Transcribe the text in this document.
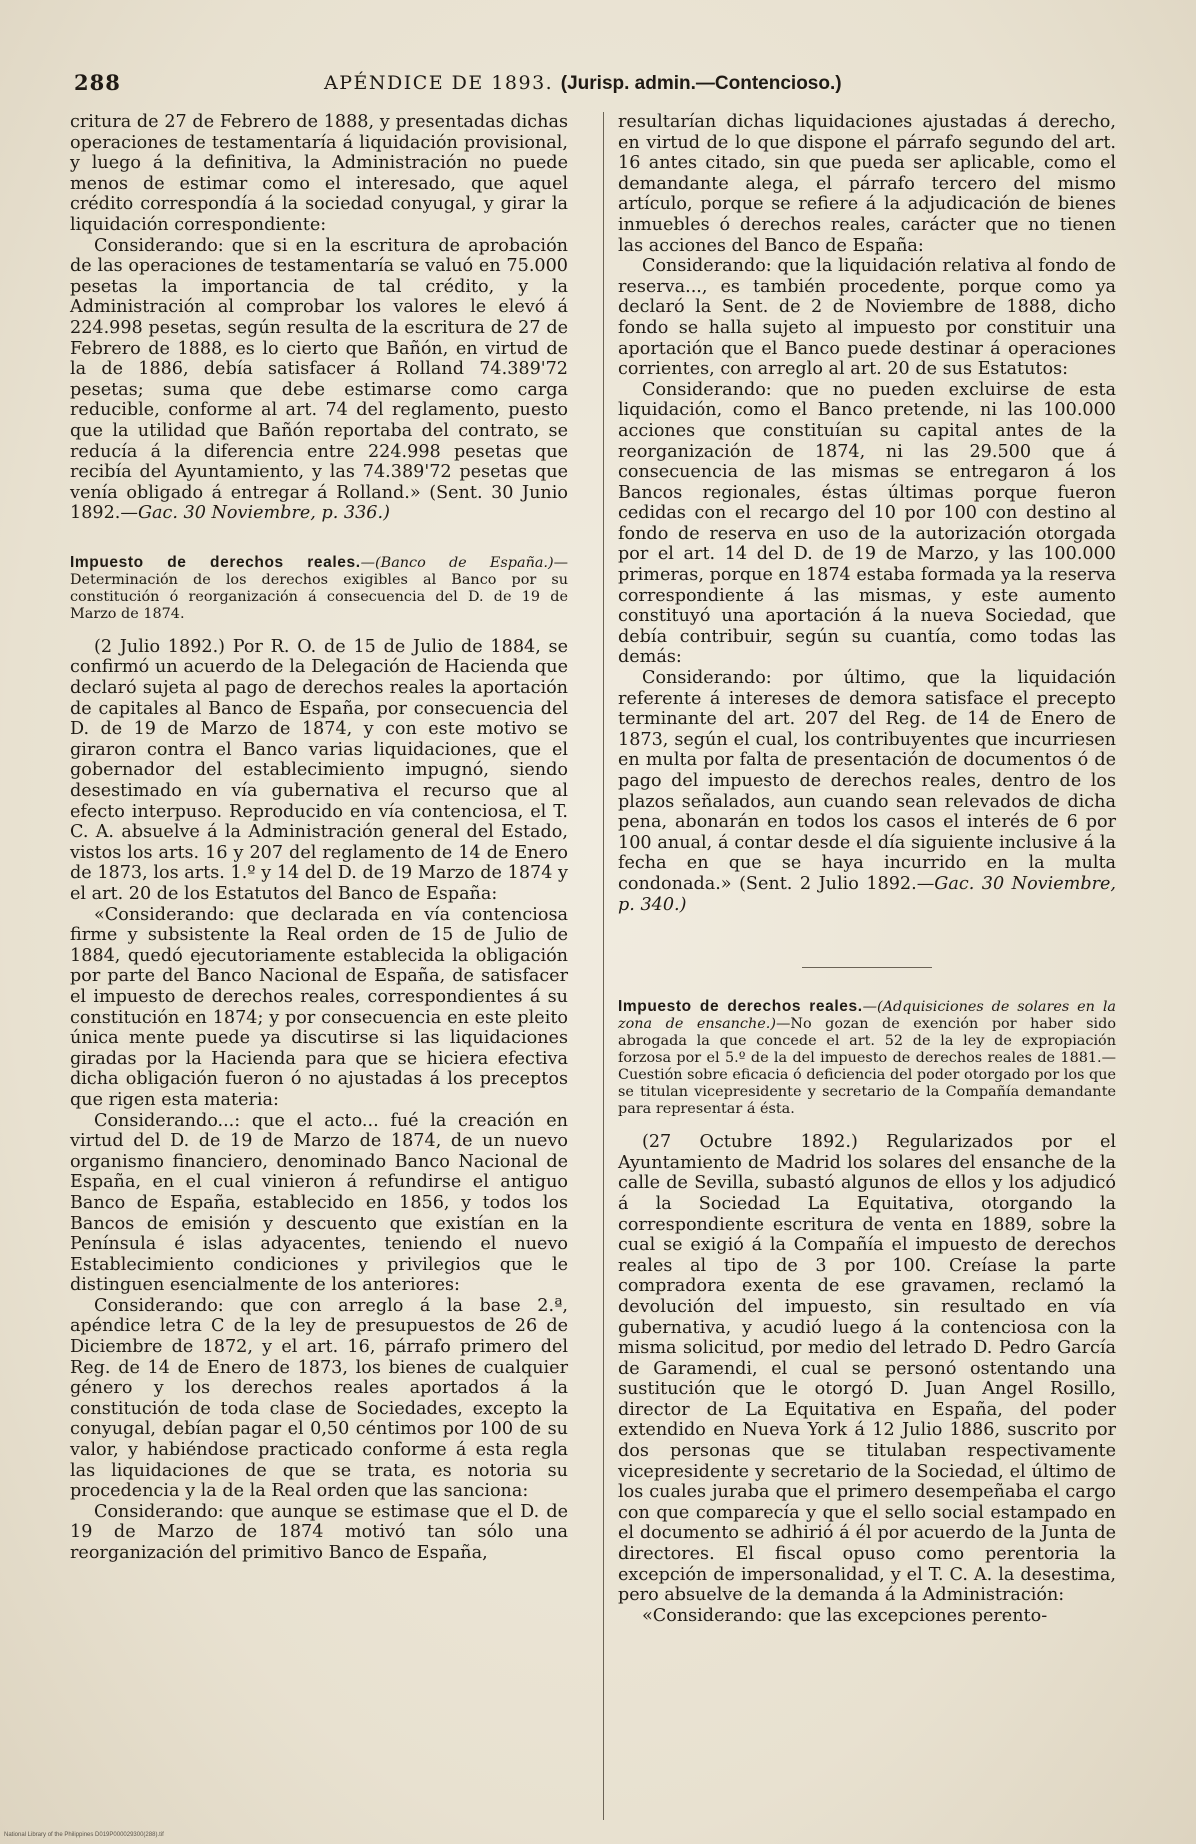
288	APÉNDICE DE 1893. (Jurisp. admin.—Contencioso.)

critura de 27 de Febrero de 1888, y presentadas dichas operaciones de testamentaría á liquidación provisional, y luego á la definitiva, la Administración no puede menos de estimar como el interesado, que aquel crédito correspondía á la sociedad conyugal, y girar la liquidación correspondiente:

Considerando: que si en la escritura de aprobación de las operaciones de testamentaría se valuó en 75.000 pesetas la importancia de tal crédito, y la Administración al comprobar los valores le elevó á 224.998 pesetas, según resulta de la escritura de 27 de Febrero de 1888, es lo cierto que Bañón, en virtud de la de 1886, debía satisfacer á Rolland 74.389'72 pesetas; suma que debe estimarse como carga reducible, conforme al art. 74 del reglamento, puesto que la utilidad que Bañón reportaba del contrato, se reducía á la diferencia entre 224.998 pesetas que recibía del Ayuntamiento, y las 74.389'72 pesetas que venía obligado á entregar á Rolland.» (Sent. 30 Junio 1892.—Gac. 30 Noviembre, p. 336.)

Impuesto de derechos reales.—(Banco de España.)—Determinación de los derechos exigibles al Banco por su constitución ó reorganización á consecuencia del D. de 19 de Marzo de 1874.

(2 Julio 1892.) Por R. O. de 15 de Julio de 1884, se confirmó un acuerdo de la Delegación de Hacienda que declaró sujeta al pago de derechos reales la aportación de capitales al Banco de España, por consecuencia del D. de 19 de Marzo de 1874, y con este motivo se giraron contra el Banco varias liquidaciones, que el gobernador del establecimiento impugnó, siendo desestimado en vía gubernativa el recurso que al efecto interpuso. Reproducido en vía contenciosa, el T. C. A. absuelve á la Administración general del Estado, vistos los arts. 16 y 207 del reglamento de 14 de Enero de 1873, los arts. 1.º y 14 del D. de 19 Marzo de 1874 y el art. 20 de los Estatutos del Banco de España:

«Considerando: que declarada en vía contenciosa firme y subsistente la Real orden de 15 de Julio de 1884, quedó ejecutoriamente establecida la obligación por parte del Banco Nacional de España, de satisfacer el impuesto de derechos reales, correspondientes á su constitución en 1874; y por consecuencia en este pleito única mente puede ya discutirse si las liquidaciones giradas por la Hacienda para que se hiciera efectiva dicha obligación fueron ó no ajustadas á los preceptos que rigen esta materia:

Considerando...: que el acto... fué la creación en virtud del D. de 19 de Marzo de 1874, de un nuevo organismo financiero, denominado Banco Nacional de España, en el cual vinieron á refundirse el antiguo Banco de España, establecido en 1856, y todos los Bancos de emisión y descuento que existían en la Península é islas adyacentes, teniendo el nuevo Establecimiento condiciones y privilegios que le distinguen esencialmente de los anteriores:

Considerando: que con arreglo á la base 2.ª, apéndice letra C de la ley de presupuestos de 26 de Diciembre de 1872, y el art. 16, párrafo primero del Reg. de 14 de Enero de 1873, los bienes de cualquier género y los derechos reales aportados á la constitución de toda clase de Sociedades, excepto la conyugal, debían pagar el 0,50 céntimos por 100 de su valor, y habiéndose practicado conforme á esta regla las liquidaciones de que se trata, es notoria su procedencia y la de la Real orden que las sanciona:

Considerando: que aunque se estimase que el D. de 19 de Marzo de 1874 motivó tan sólo una reorganización del primitivo Banco de España,

resultarían dichas liquidaciones ajustadas á derecho, en virtud de lo que dispone el párrafo segundo del art. 16 antes citado, sin que pueda ser aplicable, como el demandante alega, el párrafo tercero del mismo artículo, porque se refiere á la adjudicación de bienes inmuebles ó derechos reales, carácter que no tienen las acciones del Banco de España:

Considerando: que la liquidación relativa al fondo de reserva..., es también procedente, porque como ya declaró la Sent. de 2 de Noviembre de 1888, dicho fondo se halla sujeto al impuesto por constituir una aportación que el Banco puede destinar á operaciones corrientes, con arreglo al art. 20 de sus Estatutos:

Considerando: que no pueden excluirse de esta liquidación, como el Banco pretende, ni las 100.000 acciones que constituían su capital antes de la reorganización de 1874, ni las 29.500 que á consecuencia de las mismas se entregaron á los Bancos regionales, éstas últimas porque fueron cedidas con el recargo del 10 por 100 con destino al fondo de reserva en uso de la autorización otorgada por el art. 14 del D. de 19 de Marzo, y las 100.000 primeras, porque en 1874 estaba formada ya la reserva correspondiente á las mismas, y este aumento constituyó una aportación á la nueva Sociedad, que debía contribuir, según su cuantía, como todas las demás:

Considerando: por último, que la liquidación referente á intereses de demora satisface el precepto terminante del art. 207 del Reg. de 14 de Enero de 1873, según el cual, los contribuyentes que incurriesen en multa por falta de presentación de documentos ó de pago del impuesto de derechos reales, dentro de los plazos señalados, aun cuando sean relevados de dicha pena, abonarán en todos los casos el interés de 6 por 100 anual, á contar desde el día siguiente inclusive á la fecha en que se haya incurrido en la multa condonada.» (Sent. 2 Julio 1892.—Gac. 30 Noviembre, p. 340.)

Impuesto de derechos reales.—(Adquisiciones de solares en la zona de ensanche.)—No gozan de exención por haber sido abrogada la que concede el art. 52 de la ley de expropiación forzosa por el 5.º de la del impuesto de derechos reales de 1881.—Cuestión sobre eficacia ó deficiencia del poder otorgado por los que se titulan vicepresidente y secretario de la Compañía demandante para representar á ésta.

(27 Octubre 1892.) Regularizados por el Ayuntamiento de Madrid los solares del ensanche de la calle de Sevilla, subastó algunos de ellos y los adjudicó á la Sociedad La Equitativa, otorgando la correspondiente escritura de venta en 1889, sobre la cual se exigió á la Compañía el impuesto de derechos reales al tipo de 3 por 100. Creíase la parte compradora exenta de ese gravamen, reclamó la devolución del impuesto, sin resultado en vía gubernativa, y acudió luego á la contenciosa con la misma solicitud, por medio del letrado D. Pedro García de Garamendi, el cual se personó ostentando una sustitución que le otorgó D. Juan Angel Rosillo, director de La Equitativa en España, del poder extendido en Nueva York á 12 Julio 1886, suscrito por dos personas que se titulaban respectivamente vicepresidente y secretario de la Sociedad, el último de los cuales juraba que el primero desempeñaba el cargo con que comparecía y que el sello social estampado en el documento se adhirió á él por acuerdo de la Junta de directores. El fiscal opuso como perentoria la excepción de impersonalidad, y el T. C. A. la desestima, pero absuelve de la demanda á la Administración:

«Considerando: que las excepciones perento-

National Library of the Philippines D019P000029300(288).tif
